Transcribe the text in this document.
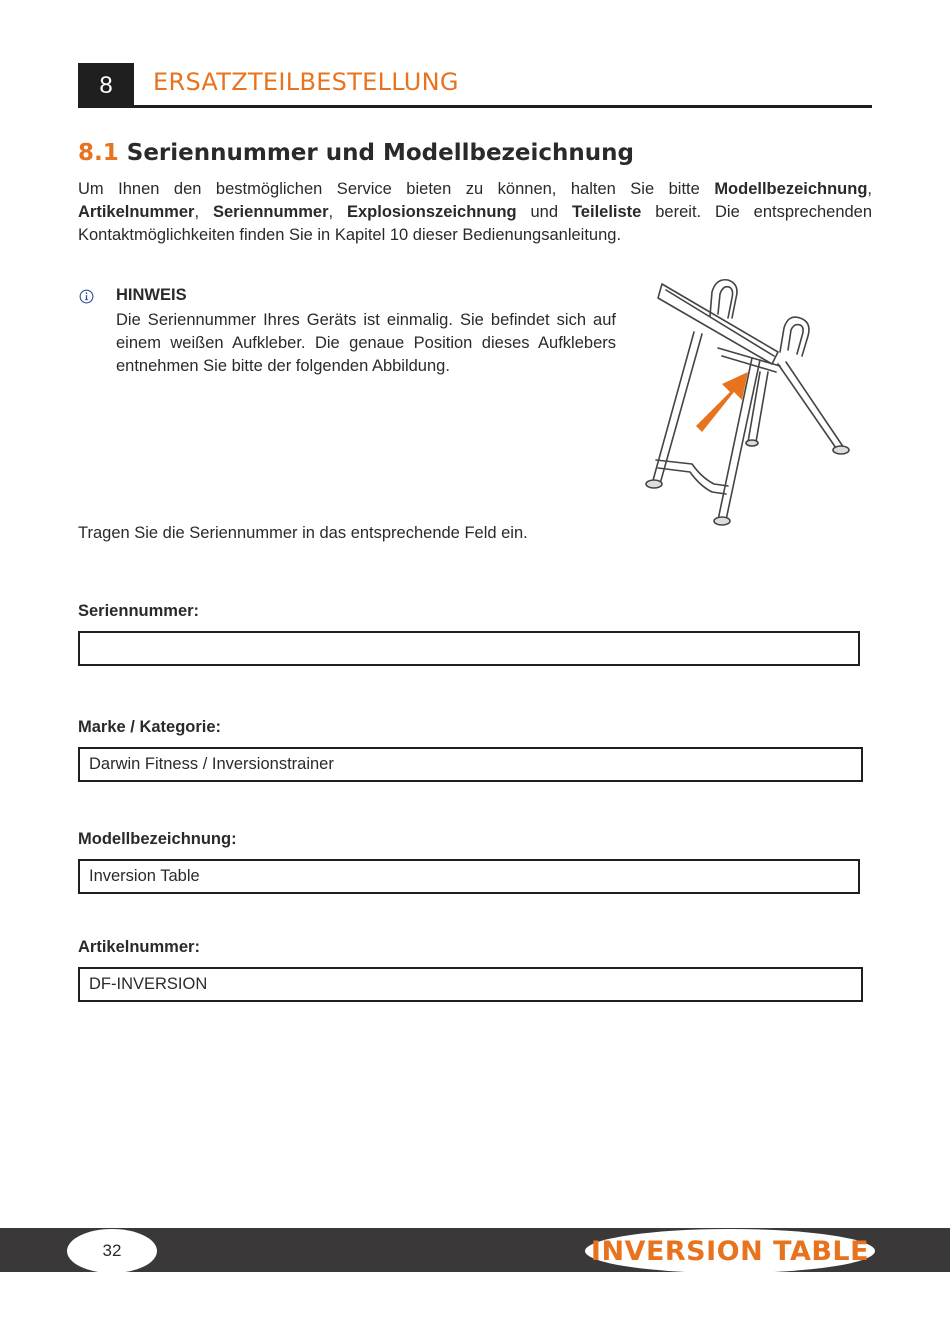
8	ERSATZTEILBESTELLUNG
8.1 Seriennummer und Modellbezeichnung
Um Ihnen den bestmöglichen Service bieten zu können, halten Sie bitte Modellbezeichnung, Artikelnummer, Seriennummer, Explosionszeichnung und Teileliste bereit. Die entsprechenden Kontaktmöglichkeiten finden Sie in Kapitel 10 dieser Bedienungsanleitung.
HINWEIS
Die Seriennummer Ihres Geräts ist einmalig. Sie befindet sich auf einem weißen Aufkleber. Die genaue Position dieses Aufklebers entnehmen Sie bitte der folgenden Abbildung.
Tragen Sie die Seriennummer in das entsprechende Feld ein.
Seriennummer:
Marke / Kategorie:
Darwin Fitness / Inversionstrainer
Modellbezeichnung:
Inversion Table
Artikelnummer:
DF-INVERSION
32	INVERSION TABLE
